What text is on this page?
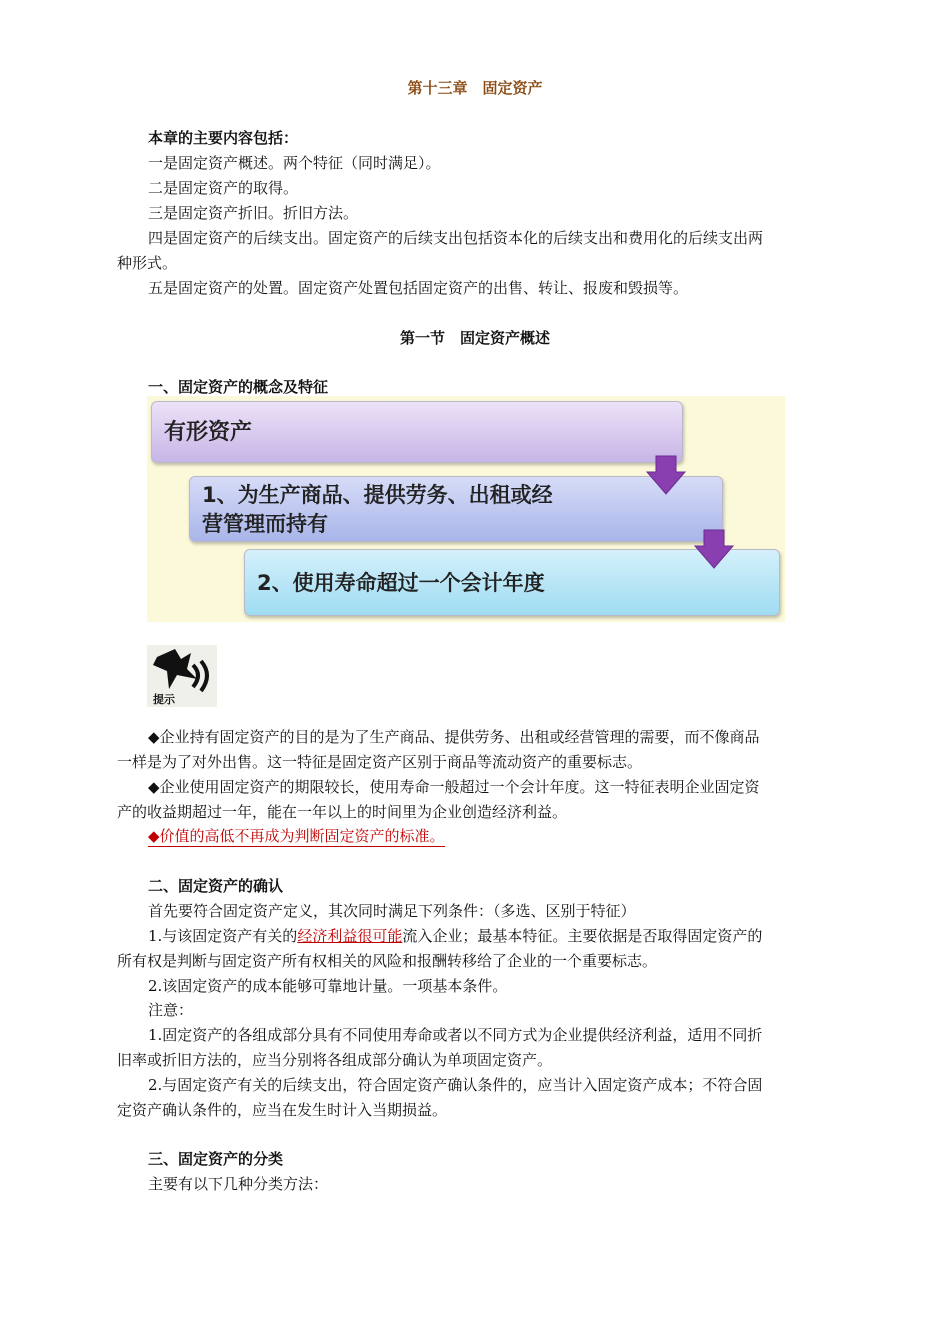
第十三章　固定资产
本章的主要内容包括：
一是固定资产概述。两个特征（同时满足）。
二是固定资产的取得。
三是固定资产折旧。折旧方法。
四是固定资产的后续支出。固定资产的后续支出包括资本化的后续支出和费用化的后续支出两
种形式。
五是固定资产的处置。固定资产处置包括固定资产的出售、转让、报废和毁损等。
第一节　固定资产概述
一、固定资产的概念及特征
有形资产
1、为生产商品、提供劳务、出租或经
营管理而持有
2、使用寿命超过一个会计年度
提示
◆企业持有固定资产的目的是为了生产商品、提供劳务、出租或经营管理的需要，而不像商品
一样是为了对外出售。这一特征是固定资产区别于商品等流动资产的重要标志。
◆企业使用固定资产的期限较长，使用寿命一般超过一个会计年度。这一特征表明企业固定资
产的收益期超过一年，能在一年以上的时间里为企业创造经济利益。
◆价值的高低不再成为判断固定资产的标准。
二、固定资产的确认
首先要符合固定资产定义，其次同时满足下列条件：（多选、区别于特征）
1.与该固定资产有关的经济利益很可能流入企业；最基本特征。主要依据是否取得固定资产的
所有权是判断与固定资产所有权相关的风险和报酬转移给了企业的一个重要标志。
2.该固定资产的成本能够可靠地计量。一项基本条件。
注意：
1.固定资产的各组成部分具有不同使用寿命或者以不同方式为企业提供经济利益，适用不同折
旧率或折旧方法的，应当分别将各组成部分确认为单项固定资产。
2.与固定资产有关的后续支出，符合固定资产确认条件的，应当计入固定资产成本；不符合固
定资产确认条件的，应当在发生时计入当期损益。
三、固定资产的分类
主要有以下几种分类方法：
